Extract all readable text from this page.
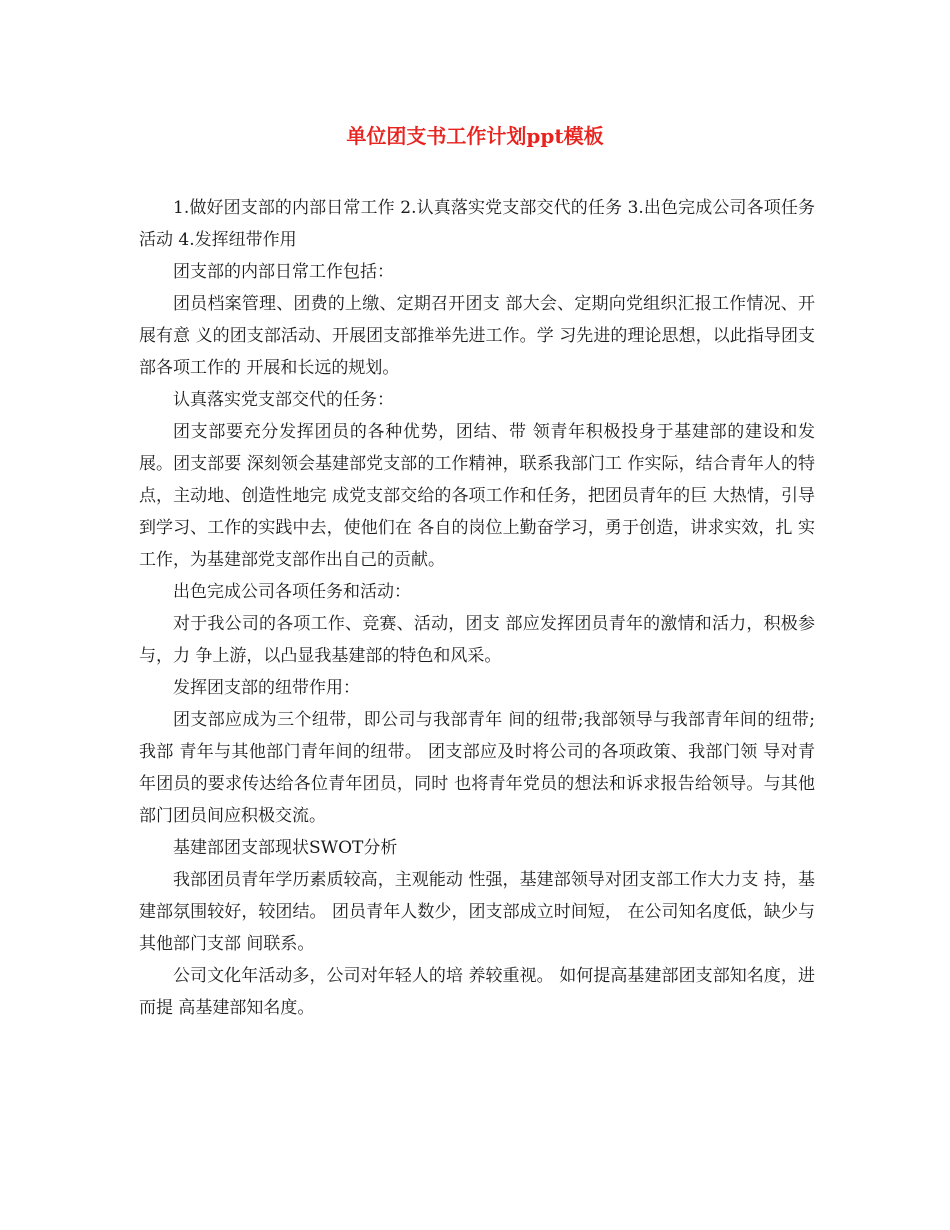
单位团支书工作计划ppt模板

1.做好团支部的内部日常工作 2.认真落实党支部交代的任务 3.出色完成公司各项任务活动 4.发挥纽带作用

团支部的内部日常工作包括：

团员档案管理、团费的上缴、定期召开团支 部大会、定期向党组织汇报工作情况、开展有意 义的团支部活动、开展团支部推举先进工作。学 习先进的理论思想，以此指导团支部各项工作的 开展和长远的规划。

认真落实党支部交代的任务：

团支部要充分发挥团员的各种优势，团结、带 领青年积极投身于基建部的建设和发展。团支部要 深刻领会基建部党支部的工作精神，联系我部门工 作实际，结合青年人的特点，主动地、创造性地完 成党支部交给的各项工作和任务，把团员青年的巨 大热情，引导到学习、工作的实践中去，使他们在 各自的岗位上勤奋学习，勇于创造，讲求实效，扎 实工作，为基建部党支部作出自己的贡献。

出色完成公司各项任务和活动：

对于我公司的各项工作、竞赛、活动，团支 部应发挥团员青年的激情和活力，积极参与，力 争上游，以凸显我基建部的特色和风采。

发挥团支部的纽带作用：

团支部应成为三个纽带，即公司与我部青年 间的纽带;我部领导与我部青年间的纽带;我部 青年与其他部门青年间的纽带。 团支部应及时将公司的各项政策、我部门领 导对青年团员的要求传达给各位青年团员，同时 也将青年党员的想法和诉求报告给领导。与其他 部门团员间应积极交流。

基建部团支部现状SWOT分析

我部团员青年学历素质较高，主观能动 性强，基建部领导对团支部工作大力支 持，基建部氛围较好，较团结。 团员青年人数少，团支部成立时间短， 在公司知名度低，缺少与其他部门支部 间联系。

公司文化年活动多，公司对年轻人的培 养较重视。 如何提高基建部团支部知名度，进而提 高基建部知名度。
